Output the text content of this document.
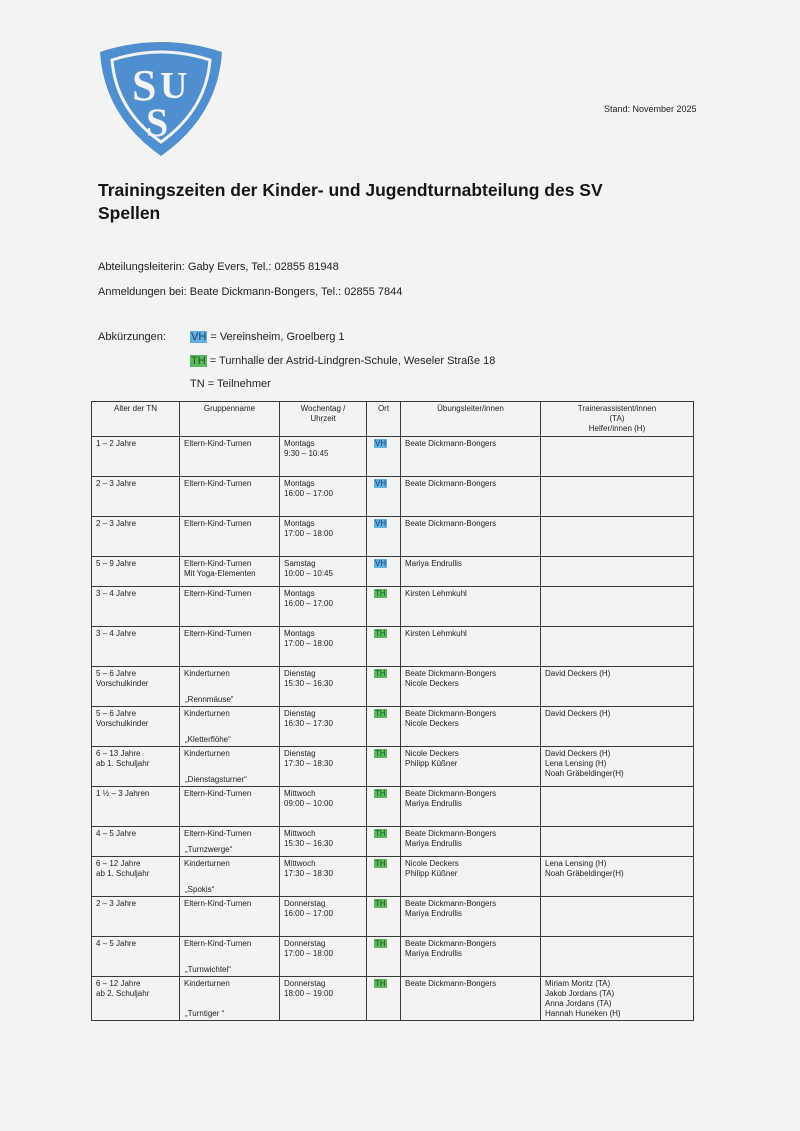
S U
S	Stand: November 2025
Trainingszeiten der Kinder- und Jugendturnabteilung des SV
Spellen
Abteilungsleiterin: Gaby Evers, Tel.: 02855 81948
Anmeldungen bei: Beate Dickmann-Bongers, Tel.: 02855 7844
Abkürzungen: VH = Vereinsheim, Groelberg 1
TH = Turnhalle der Astrid-Lindgren-Schule, Weseler Straße 18
TN = Teilnehmer
Alter der TN	Gruppenname	Wochentag /
Uhrzeit	Ort	Übungsleiter/innen	Trainerassistent/innen
(TA)
Helfer/innen (H)

1 – 2 Jahre	Eltern-Kind-Turnen	Montags
9:30 – 10:45	VH	Beate Dickmann-Bongers	

2 – 3 Jahre	Eltern-Kind-Turnen	Montags
16:00 – 17:00	VH	Beate Dickmann-Bongers	

2 – 3 Jahre	Eltern-Kind-Turnen	Montags
17:00 – 18:00	VH	Beate Dickmann-Bongers	

5 – 9 Jahre	Eltern-Kind-Turnen
Mit Yoga-Elementen	Samstag
10:00 – 10:45	VH	Mariya Endrullis	

3 – 4 Jahre	Eltern-Kind-Turnen	Montags
16:00 – 17:00	TH	Kirsten Lehmkuhl	

3 – 4 Jahre	Eltern-Kind-Turnen	Montags
17:00 – 18:00	TH	Kirsten Lehmkuhl	

5 – 6 Jahre
Vorschulkinder	Kinderturnen
„Rennmäuse“	Dienstag
15:30 – 16:30	TH	Beate Dickmann-Bongers
Nicole Deckers	David Deckers (H)

5 – 6 Jahre
Vorschulkinder	Kinderturnen
„Kletterflöhe“	Dienstag
16:30 – 17:30	TH	Beate Dickmann-Bongers
Nicole Deckers	David Deckers (H)

6 – 13 Jahre
ab 1. Schuljahr	Kinderturnen
„Dienstagsturner“	Dienstag
17:30 – 18:30	TH	Nicole Deckers
Philipp Küßner	David Deckers (H)
Lena Lensing (H)
Noah Gräbeldinger(H)

1 ½ – 3 Jahren	Eltern-Kind-Turnen	Mittwoch
09:00 – 10:00	TH	Beate Dickmann-Bongers
Mariya Endrullis	

4 – 5 Jahre	Eltern-Kind-Turnen
„Turnzwerge“	Mittwoch
15:30 – 16:30	TH	Beate Dickmann-Bongers
Mariya Endrullis	

6 – 12 Jahre
ab 1. Schuljahr	Kinderturnen
„Spokis“	Mittwoch
17:30 – 18:30	TH	Nicole Deckers
Philipp Küßner	Lena Lensing (H)
Noah Gräbeldinger(H)

2 – 3 Jahre	Eltern-Kind-Turnen	Donnerstag
16:00 – 17:00	TH	Beate Dickmann-Bongers
Mariya Endrullis	

4 – 5 Jahre	Eltern-Kind-Turnen
„Turnwichtel“	Donnerstag
17:00 – 18:00	TH	Beate Dickmann-Bongers
Mariya Endrullis	

6 – 12 Jahre
ab 2. Schuljahr	Kinderturnen
„Turntiger “	Donnerstag
18:00 – 19:00	TH	Beate Dickmann-Bongers	Miriam Moritz (TA)
Jakob Jordans (TA)
Anna Jordans (TA)
Hannah Huneken (H)
